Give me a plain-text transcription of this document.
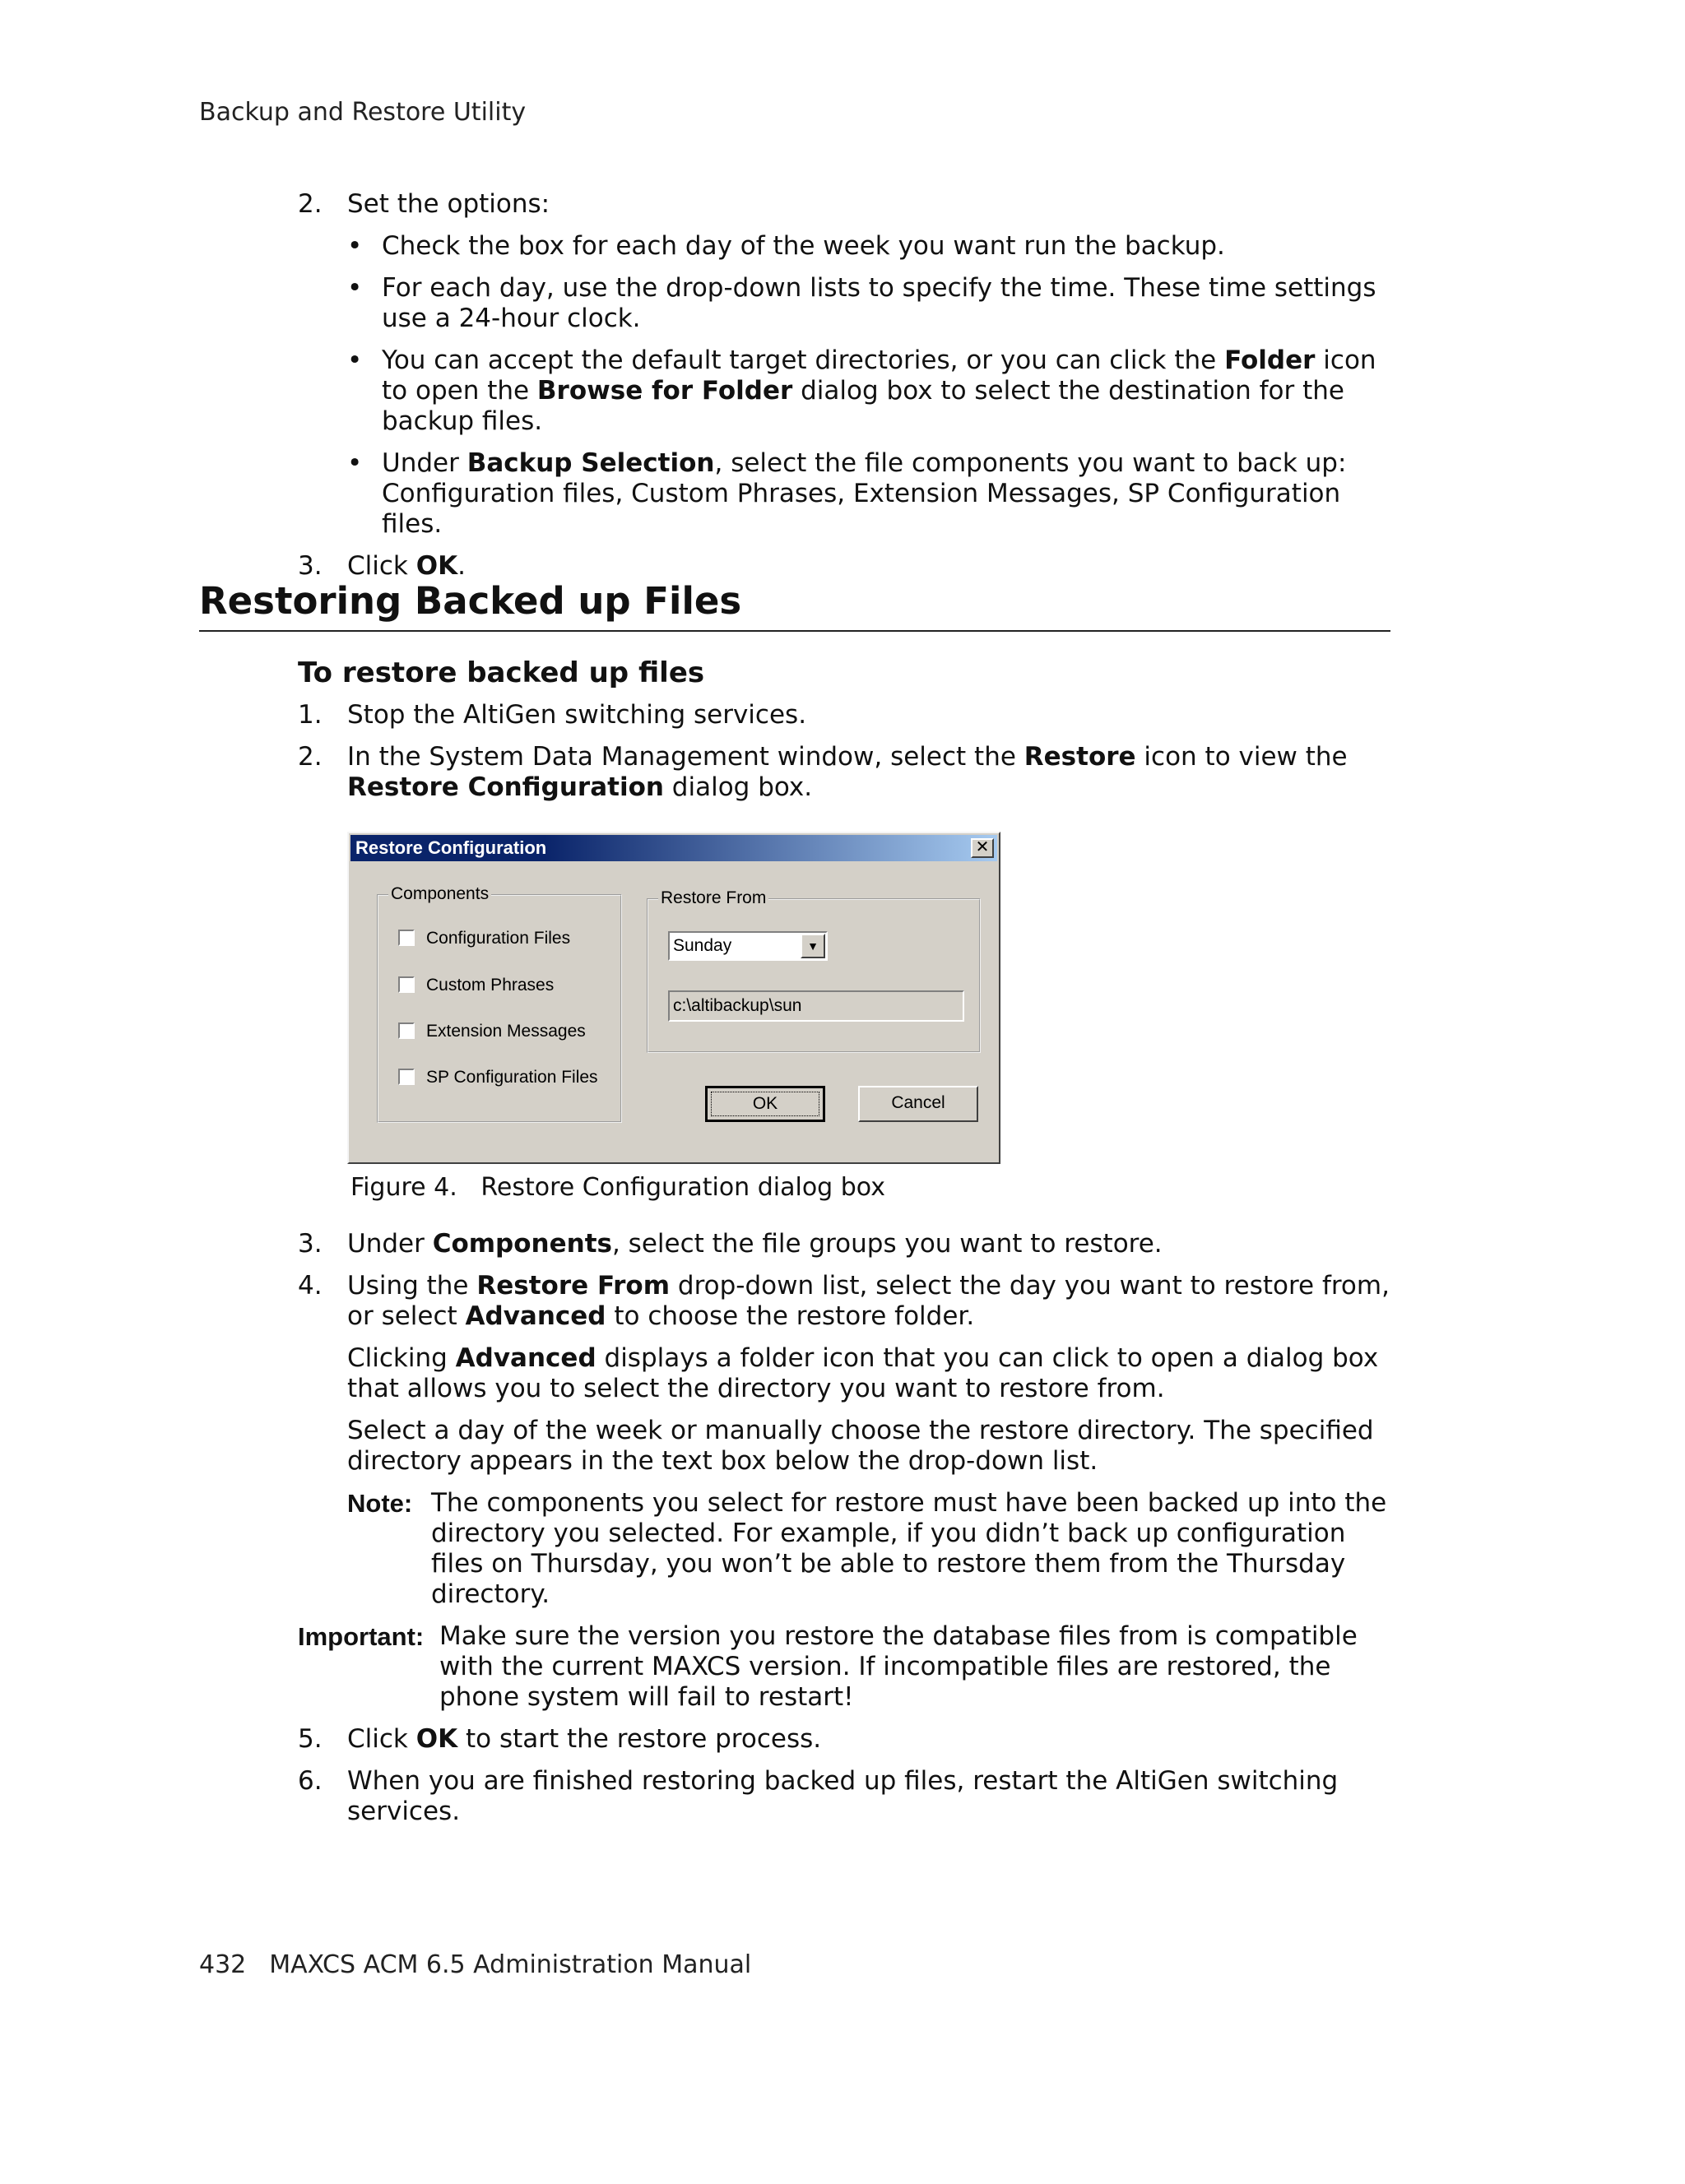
Backup and Restore Utility
2. Set the options:
• Check the box for each day of the week you want run the backup.
• For each day, use the drop-down lists to specify the time. These time settings use a 24-hour clock.
• You can accept the default target directories, or you can click the Folder icon to open the Browse for Folder dialog box to select the destination for the backup files.
• Under Backup Selection, select the file components you want to back up: Configuration files, Custom Phrases, Extension Messages, SP Configuration files.
3. Click OK.
Restoring Backed up Files
To restore backed up files
1. Stop the AltiGen switching services.
2. In the System Data Management window, select the Restore icon to view the Restore Configuration dialog box.
Restore Configuration	✕
Components
Configuration Files
Custom Phrases
Extension Messages
SP Configuration Files
Restore From
Sunday	▼
c:\altibackup\sun
OK	Cancel
Figure 4. Restore Configuration dialog box
3. Under Components, select the file groups you want to restore.
4. Using the Restore From drop-down list, select the day you want to restore from, or select Advanced to choose the restore folder.
Clicking Advanced displays a folder icon that you can click to open a dialog box that allows you to select the directory you want to restore from.
Select a day of the week or manually choose the restore directory. The specified directory appears in the text box below the drop-down list.
Note: The components you select for restore must have been backed up into the directory you selected. For example, if you didn’t back up configuration files on Thursday, you won’t be able to restore them from the Thursday directory.
Important: Make sure the version you restore the database files from is compatible with the current MAXCS version. If incompatible files are restored, the phone system will fail to restart!
5. Click OK to start the restore process.
6. When you are finished restoring backed up files, restart the AltiGen switching services.
432 MAXCS ACM 6.5 Administration Manual
